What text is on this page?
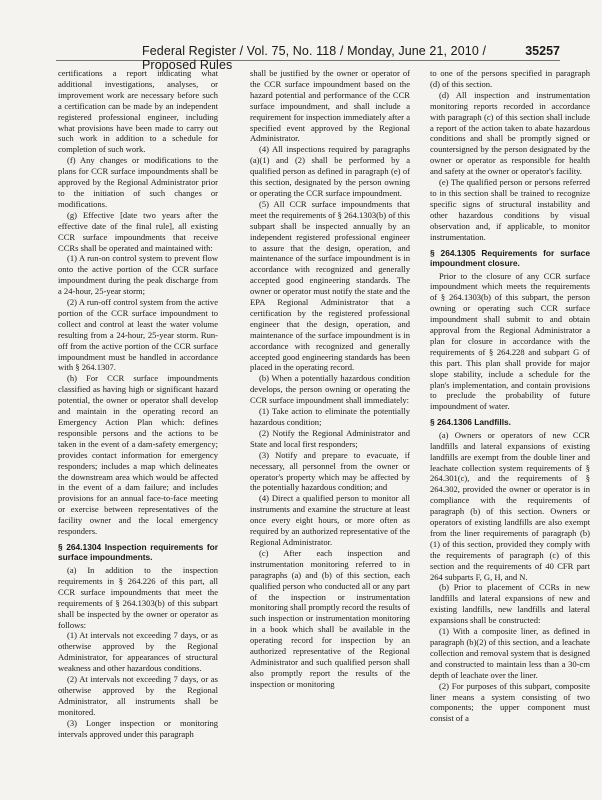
Federal Register / Vol. 75, No. 118 / Monday, June 21, 2010 / Proposed Rules
35257

certifications a report indicating what additional investigations, analyses, or improvement work are necessary before such a certification can be made by an independent registered professional engineer, including what provisions have been made to carry out such work in addition to a schedule for completion of such work.

(f) Any changes or modifications to the plans for CCR surface impoundments shall be approved by the Regional Administrator prior to the initiation of such changes or modifications.

(g) Effective [date two years after the effective date of the final rule], all existing CCR surface impoundments that receive CCRs shall be operated and maintained with:

(1) A run-on control system to prevent flow onto the active portion of the CCR surface impoundment during the peak discharge from a 24-hour, 25-year storm;

(2) A run-off control system from the active portion of the CCR surface impoundment to collect and control at least the water volume resulting from a 24-hour, 25-year storm. Run-off from the active portion of the CCR surface impoundment must be handled in accordance with § 264.1307.

(h) For CCR surface impoundments classified as having high or significant hazard potential, the owner or operator shall develop and maintain in the operating record an Emergency Action Plan which: defines responsible persons and the actions to be taken in the event of a dam-safety emergency; provides contact information for emergency responders; includes a map which delineates the downstream area which would be affected in the event of a dam failure; and includes provisions for an annual face-to-face meeting or exercise between representatives of the facility owner and the local emergency responders.

§ 264.1304 Inspection requirements for surface impoundments.

(a) In addition to the inspection requirements in § 264.226 of this part, all CCR surface impoundments that meet the requirements of § 264.1303(b) of this subpart shall be inspected by the owner or operator as follows:

(1) At intervals not exceeding 7 days, or as otherwise approved by the Regional Administrator, for appearances of structural weakness and other hazardous conditions.

(2) At intervals not exceeding 7 days, or as otherwise approved by the Regional Administrator, all instruments shall be monitored.

(3) Longer inspection or monitoring intervals approved under this paragraph

shall be justified by the owner or operator of the CCR surface impoundment based on the hazard potential and performance of the CCR surface impoundment, and shall include a requirement for inspection immediately after a specified event approved by the Regional Administrator.

(4) All inspections required by paragraphs (a)(1) and (2) shall be performed by a qualified person as defined in paragraph (e) of this section, designated by the person owning or operating the CCR surface impoundment.

(5) All CCR surface impoundments that meet the requirements of § 264.1303(b) of this subpart shall be inspected annually by an independent registered professional engineer to assure that the design, operation, and maintenance of the surface impoundment is in accordance with recognized and generally accepted good engineering standards. The owner or operator must notify the state and the EPA Regional Administrator that a certification by the registered professional engineer that the design, operation, and maintenance of the surface impoundment is in accordance with recognized and generally accepted good engineering standards has been placed in the operating record.

(b) When a potentially hazardous condition develops, the person owning or operating the CCR surface impoundment shall immediately:

(1) Take action to eliminate the potentially hazardous condition;

(2) Notify the Regional Administrator and State and local first responders;

(3) Notify and prepare to evacuate, if necessary, all personnel from the owner or operator's property which may be affected by the potentially hazardous condition; and

(4) Direct a qualified person to monitor all instruments and examine the structure at least once every eight hours, or more often as required by an authorized representative of the Regional Administrator.

(c) After each inspection and instrumentation monitoring referred to in paragraphs (a) and (b) of this section, each qualified person who conducted all or any part of the inspection or instrumentation monitoring shall promptly record the results of such inspection or instrumentation monitoring in a book which shall be available in the operating record for inspection by an authorized representative of the Regional Administrator and such qualified person shall also promptly report the results of the inspection or monitoring

to one of the persons specified in paragraph (d) of this section.

(d) All inspection and instrumentation monitoring reports recorded in accordance with paragraph (c) of this section shall include a report of the action taken to abate hazardous conditions and shall be promptly signed or countersigned by the person designated by the owner or operator as responsible for health and safety at the owner or operator's facility.

(e) The qualified person or persons referred to in this section shall be trained to recognize specific signs of structural instability and other hazardous conditions by visual observation and, if applicable, to monitor instrumentation.

§ 264.1305 Requirements for surface impoundment closure.

Prior to the closure of any CCR surface impoundment which meets the requirements of § 264.1303(b) of this subpart, the person owning or operating such CCR surface impoundment shall submit to and obtain approval from the Regional Administrator a plan for closure in accordance with the requirements of § 264.228 and subpart G of this part. This plan shall provide for major slope stability, include a schedule for the plan's implementation, and contain provisions to preclude the probability of future impoundment of water.

§ 264.1306 Landfills.

(a) Owners or operators of new CCR landfills and lateral expansions of existing landfills are exempt from the double liner and leachate collection system requirements of § 264.301(c), and the requirements of § 264.302, provided the owner or operator is in compliance with the requirements of paragraph (b) of this section. Owners or operators of existing landfills are also exempt from the liner requirements of paragraph (b)(1) of this section, provided they comply with the requirements of paragraph (c) of this section and the requirements of 40 CFR part 264 subparts F, G, H, and N.

(b) Prior to placement of CCRs in new landfills and lateral expansions of new and existing landfills, new landfills and lateral expansions shall be constructed:

(1) With a composite liner, as defined in paragraph (b)(2) of this section, and a leachate collection and removal system that is designed and constructed to maintain less than a 30-cm depth of leachate over the liner.

(2) For purposes of this subpart, composite liner means a system consisting of two components; the upper component must consist of a
